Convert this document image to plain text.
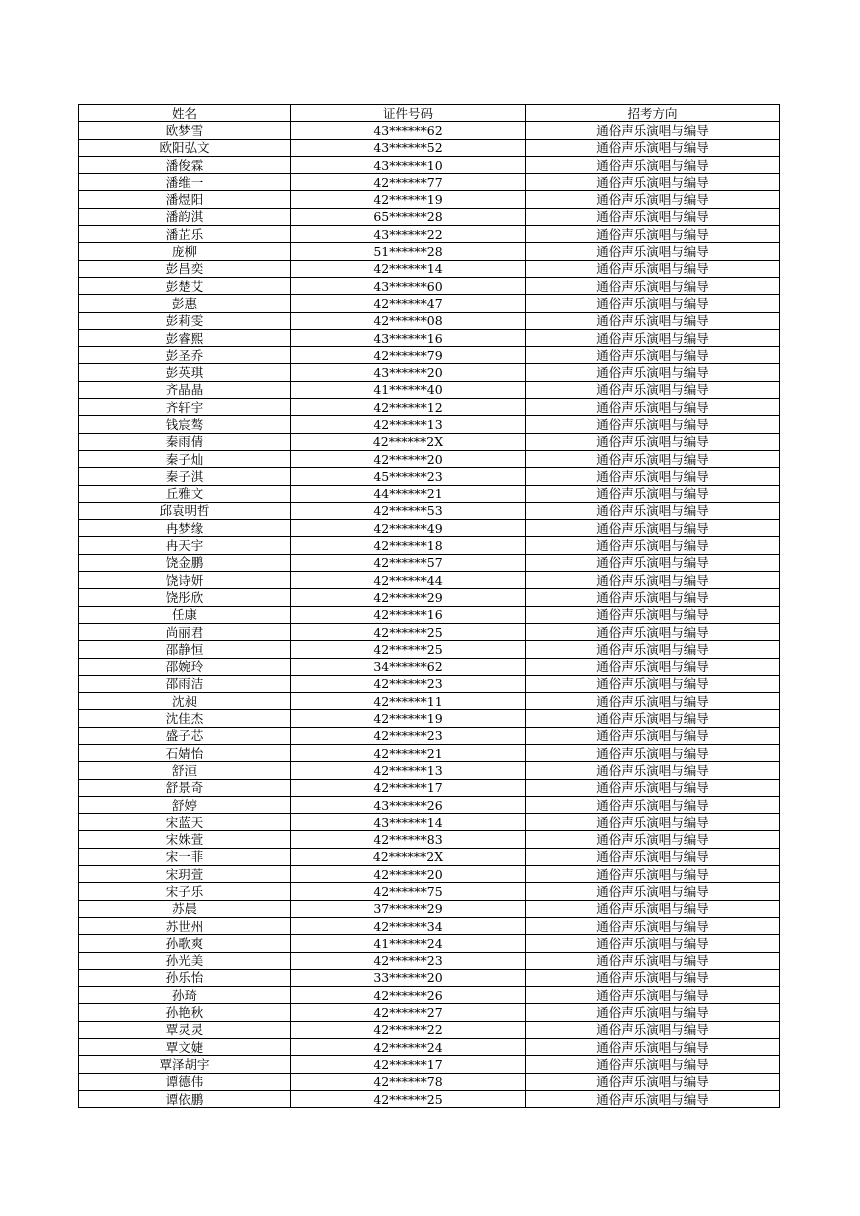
姓名	证件号码	招考方向
欧梦雪	43******62	通俗声乐演唱与编导
欧阳弘文	43******52	通俗声乐演唱与编导
潘俊霖	43******10	通俗声乐演唱与编导
潘维一	42******77	通俗声乐演唱与编导
潘煜阳	42******19	通俗声乐演唱与编导
潘韵淇	65******28	通俗声乐演唱与编导
潘芷乐	43******22	通俗声乐演唱与编导
庞柳	51******28	通俗声乐演唱与编导
彭昌奕	42******14	通俗声乐演唱与编导
彭楚艾	43******60	通俗声乐演唱与编导
彭惠	42******47	通俗声乐演唱与编导
彭莉雯	42******08	通俗声乐演唱与编导
彭睿熙	43******16	通俗声乐演唱与编导
彭圣乔	42******79	通俗声乐演唱与编导
彭英琪	43******20	通俗声乐演唱与编导
齐晶晶	41******40	通俗声乐演唱与编导
齐轩宇	42******12	通俗声乐演唱与编导
钱宸骜	42******13	通俗声乐演唱与编导
秦雨倩	42******2X	通俗声乐演唱与编导
秦子灿	42******20	通俗声乐演唱与编导
秦子淇	45******23	通俗声乐演唱与编导
丘雅文	44******21	通俗声乐演唱与编导
邱袁明哲	42******53	通俗声乐演唱与编导
冉梦缘	42******49	通俗声乐演唱与编导
冉天宇	42******18	通俗声乐演唱与编导
饶金鹏	42******57	通俗声乐演唱与编导
饶诗妍	42******44	通俗声乐演唱与编导
饶彤欣	42******29	通俗声乐演唱与编导
任康	42******16	通俗声乐演唱与编导
尚丽君	42******25	通俗声乐演唱与编导
邵静恒	42******25	通俗声乐演唱与编导
邵婉玲	34******62	通俗声乐演唱与编导
邵雨洁	42******23	通俗声乐演唱与编导
沈昶	42******11	通俗声乐演唱与编导
沈佳杰	42******19	通俗声乐演唱与编导
盛子芯	42******23	通俗声乐演唱与编导
石婧怡	42******21	通俗声乐演唱与编导
舒洹	42******13	通俗声乐演唱与编导
舒景奇	42******17	通俗声乐演唱与编导
舒婷	43******26	通俗声乐演唱与编导
宋蓝天	43******14	通俗声乐演唱与编导
宋姝萱	42******83	通俗声乐演唱与编导
宋一菲	42******2X	通俗声乐演唱与编导
宋玥萱	42******20	通俗声乐演唱与编导
宋子乐	42******75	通俗声乐演唱与编导
苏晨	37******29	通俗声乐演唱与编导
苏世州	42******34	通俗声乐演唱与编导
孙歌爽	41******24	通俗声乐演唱与编导
孙光美	42******23	通俗声乐演唱与编导
孙乐怡	33******20	通俗声乐演唱与编导
孙琦	42******26	通俗声乐演唱与编导
孙艳秋	42******27	通俗声乐演唱与编导
覃灵灵	42******22	通俗声乐演唱与编导
覃文婕	42******24	通俗声乐演唱与编导
覃泽胡宇	42******17	通俗声乐演唱与编导
谭德伟	42******78	通俗声乐演唱与编导
谭依鹏	42******25	通俗声乐演唱与编导
